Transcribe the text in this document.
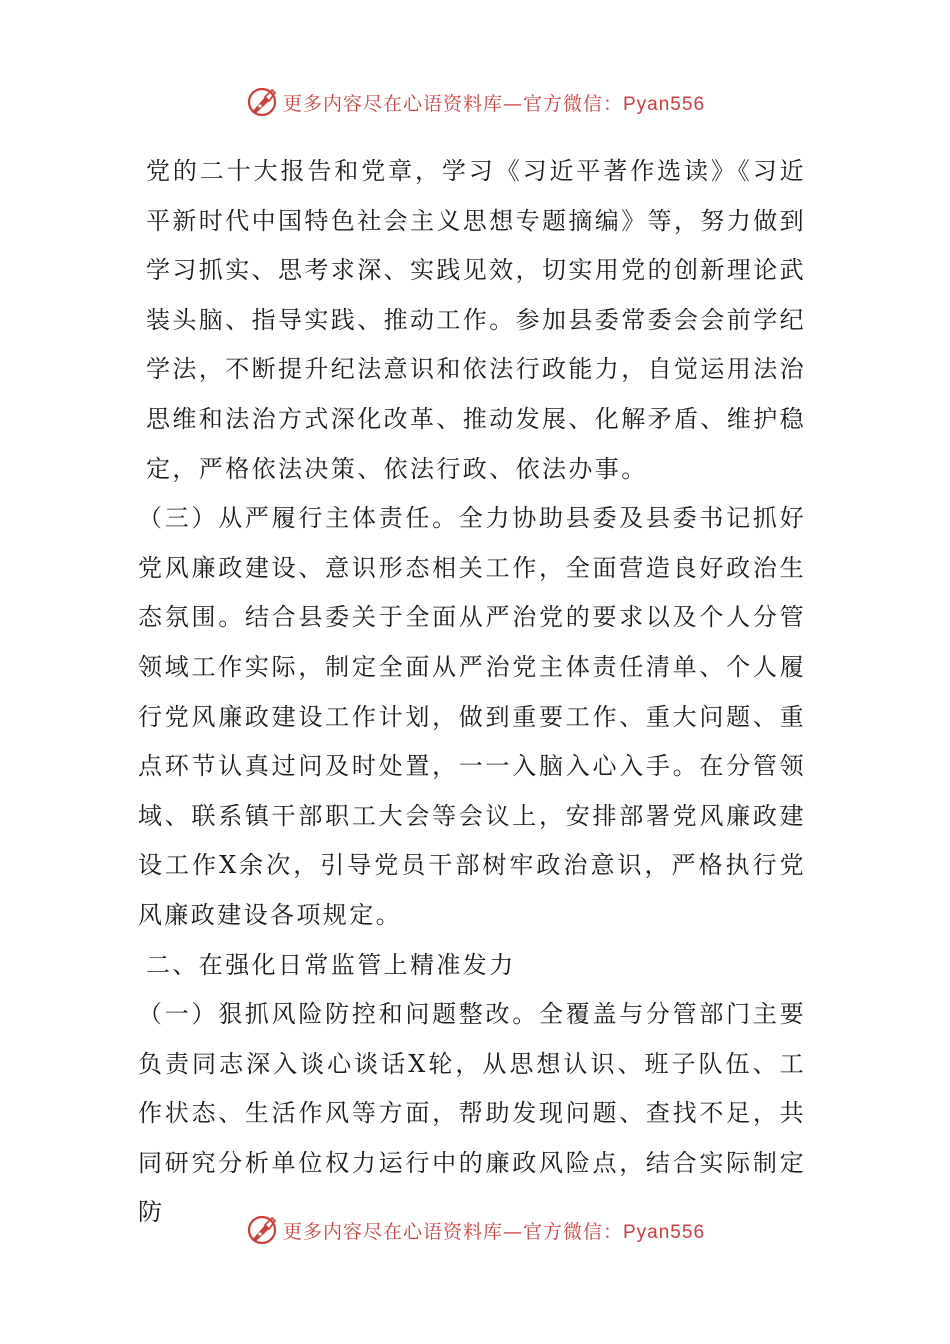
更多内容尽在心语资料库—官方微信：Pyan556

党的二十大报告和党章，学习《习近平著作选读》《习近平新时代中国特色社会主义思想专题摘编》等，努力做到学习抓实、思考求深、实践见效，切实用党的创新理论武装头脑、指导实践、推动工作。参加县委常委会会前学纪学法，不断提升纪法意识和依法行政能力，自觉运用法治思维和法治方式深化改革、推动发展、化解矛盾、维护稳定，严格依法决策、依法行政、依法办事。

（三）从严履行主体责任。全力协助县委及县委书记抓好党风廉政建设、意识形态相关工作，全面营造良好政治生态氛围。结合县委关于全面从严治党的要求以及个人分管领域工作实际，制定全面从严治党主体责任清单、个人履行党风廉政建设工作计划，做到重要工作、重大问题、重点环节认真过问及时处置，一一入脑入心入手。在分管领域、联系镇干部职工大会等会议上，安排部署党风廉政建设工作X余次，引导党员干部树牢政治意识，严格执行党风廉政建设各项规定。

二、在强化日常监管上精准发力

（一）狠抓风险防控和问题整改。全覆盖与分管部门主要负责同志深入谈心谈话X轮，从思想认识、班子队伍、工作状态、生活作风等方面，帮助发现问题、查找不足，共同研究分析单位权力运行中的廉政风险点，结合实际制定防

更多内容尽在心语资料库—官方微信：Pyan556
